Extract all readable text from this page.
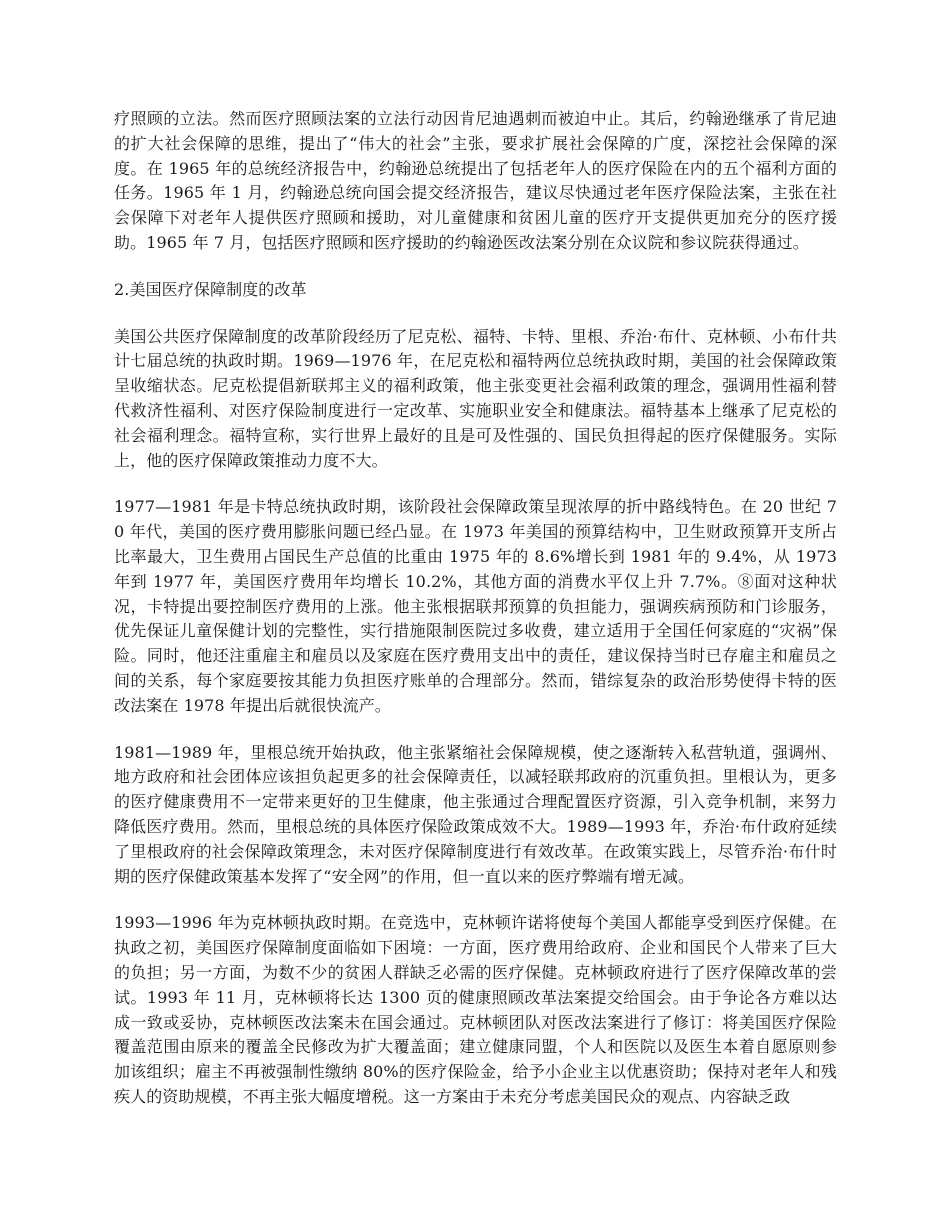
疗照顾的立法。然而医疗照顾法案的立法行动因肯尼迪遇刺而被迫中止。其后，约翰逊继承了肯尼迪的扩大社会保障的思维，提出了“伟大的社会”主张，要求扩展社会保障的广度，深挖社会保障的深度。在 1965 年的总统经济报告中，约翰逊总统提出了包括老年人的医疗保险在内的五个福利方面的任务。1965 年 1 月，约翰逊总统向国会提交经济报告，建议尽快通过老年医疗保险法案，主张在社会保障下对老年人提供医疗照顾和援助，对儿童健康和贫困儿童的医疗开支提供更加充分的医疗援助。1965 年 7 月，包括医疗照顾和医疗援助的约翰逊医改法案分别在众议院和参议院获得通过。

2.美国医疗保障制度的改革

美国公共医疗保障制度的改革阶段经历了尼克松、福特、卡特、里根、乔治·布什、克林顿、小布什共计七届总统的执政时期。1969—1976 年，在尼克松和福特两位总统执政时期，美国的社会保障政策呈收缩状态。尼克松提倡新联邦主义的福利政策，他主张变更社会福利政策的理念，强调用性福利替代救济性福利、对医疗保险制度进行一定改革、实施职业安全和健康法。福特基本上继承了尼克松的社会福利理念。福特宣称，实行世界上最好的且是可及性强的、国民负担得起的医疗保健服务。实际上，他的医疗保障政策推动力度不大。

1977—1981 年是卡特总统执政时期，该阶段社会保障政策呈现浓厚的折中路线特色。在 20 世纪 70 年代，美国的医疗费用膨胀问题已经凸显。在 1973 年美国的预算结构中，卫生财政预算开支所占比率最大，卫生费用占国民生产总值的比重由 1975 年的 8.6%增长到 1981 年的 9.4%，从 1973 年到 1977 年，美国医疗费用年均增长 10.2%，其他方面的消费水平仅上升 7.7%。⑧面对这种状况，卡特提出要控制医疗费用的上涨。他主张根据联邦预算的负担能力，强调疾病预防和门诊服务，优先保证儿童保健计划的完整性，实行措施限制医院过多收费，建立适用于全国任何家庭的“灾祸”保险。同时，他还注重雇主和雇员以及家庭在医疗费用支出中的责任，建议保持当时已存雇主和雇员之间的关系，每个家庭要按其能力负担医疗账单的合理部分。然而，错综复杂的政治形势使得卡特的医改法案在 1978 年提出后就很快流产。

1981—1989 年，里根总统开始执政，他主张紧缩社会保障规模，使之逐渐转入私营轨道，强调州、地方政府和社会团体应该担负起更多的社会保障责任，以减轻联邦政府的沉重负担。里根认为，更多的医疗健康费用不一定带来更好的卫生健康，他主张通过合理配置医疗资源，引入竞争机制，来努力降低医疗费用。然而，里根总统的具体医疗保险政策成效不大。1989—1993 年，乔治·布什政府延续了里根政府的社会保障政策理念，未对医疗保障制度进行有效改革。在政策实践上，尽管乔治·布什时期的医疗保健政策基本发挥了“安全网”的作用，但一直以来的医疗弊端有增无减。

1993—1996 年为克林顿执政时期。在竞选中，克林顿许诺将使每个美国人都能享受到医疗保健。在执政之初，美国医疗保障制度面临如下困境：一方面，医疗费用给政府、企业和国民个人带来了巨大的负担；另一方面，为数不少的贫困人群缺乏必需的医疗保健。克林顿政府进行了医疗保障改革的尝试。1993 年 11 月，克林顿将长达 1300 页的健康照顾改革法案提交给国会。由于争论各方难以达成一致或妥协，克林顿医改法案未在国会通过。克林顿团队对医改法案进行了修订：将美国医疗保险覆盖范围由原来的覆盖全民修改为扩大覆盖面；建立健康同盟，个人和医院以及医生本着自愿原则参加该组织；雇主不再被强制性缴纳 80%的医疗保险金，给予小企业主以优惠资助；保持对老年人和残疾人的资助规模，不再主张大幅度增税。这一方案由于未充分考虑美国民众的观点、内容缺乏政
